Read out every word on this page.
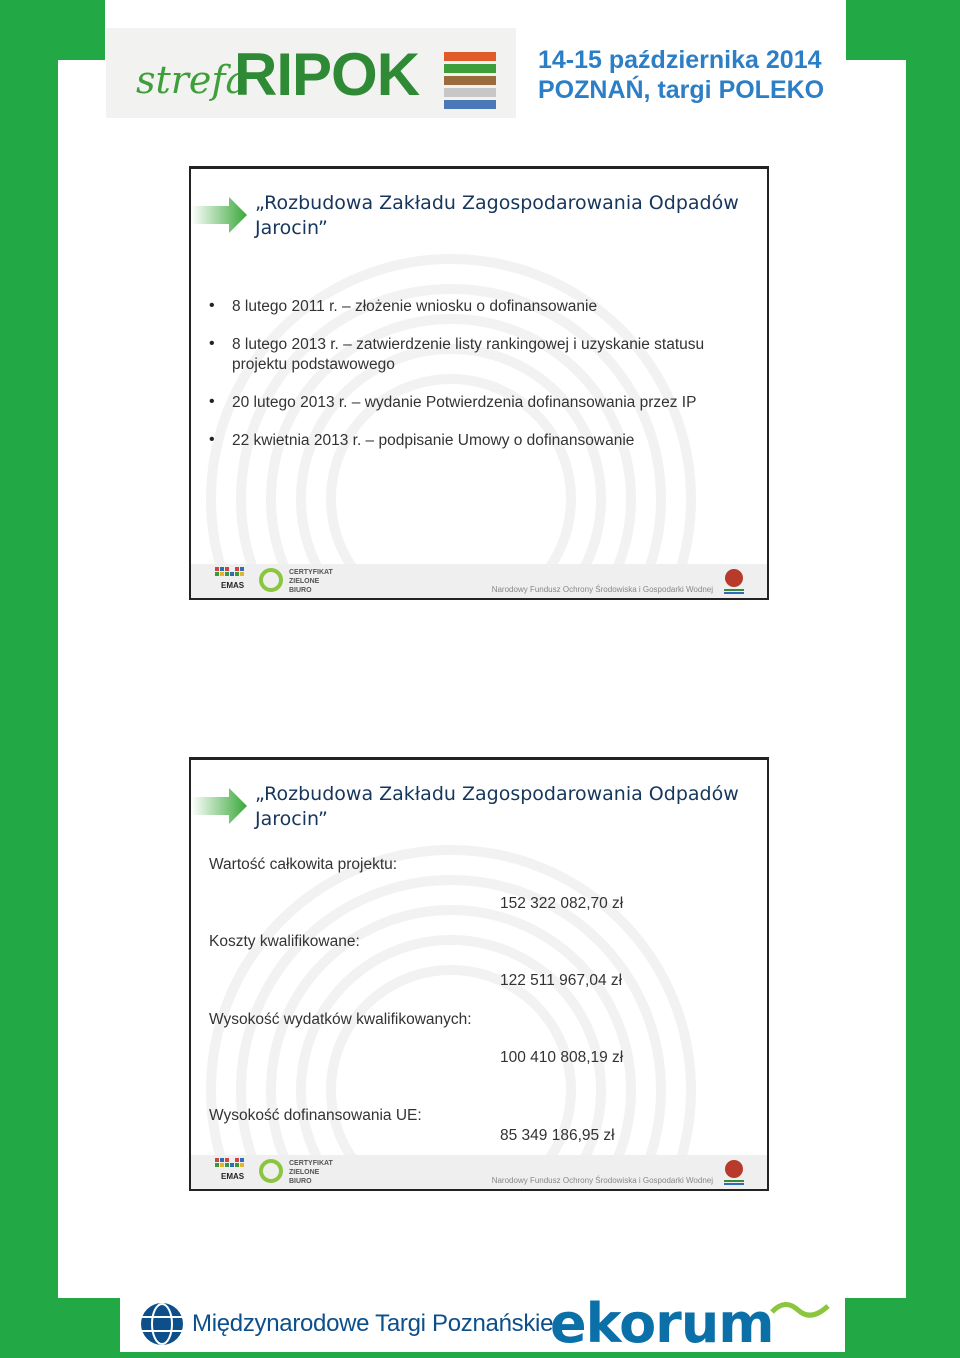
strefa
RIPOK	14-15 października 2014
POZNAŃ, targi POLEKO
„Rozbudowa Zakładu Zagospodarowania Odpadów
Jarocin”
• 8 lutego 2011 r. – złożenie wniosku o dofinansowanie
• 8 lutego 2013 r. – zatwierdzenie listy rankingowej i uzyskanie statusu projektu podstawowego
• 20 lutego 2013 r. – wydanie Potwierdzenia dofinansowania przez IP
• 22 kwietnia 2013 r. – podpisanie Umowy o dofinansowanie
EMAS
CERTYFIKAT
ZIELONE
BIURO	Narodowy Fundusz Ochrony Środowiska i Gospodarki Wodnej
„Rozbudowa Zakładu Zagospodarowania Odpadów
Jarocin”
Wartość całkowita projektu:
152 322 082,70 zł
Koszty kwalifikowane:
122 511 967,04 zł
Wysokość wydatków kwalifikowanych:
100 410 808,19 zł
Wysokość dofinansowania UE:
85 349 186,95 zł
EMAS
CERTYFIKAT
ZIELONE
BIURO	Narodowy Fundusz Ochrony Środowiska i Gospodarki Wodnej
Międzynarodowe Targi Poznańskie
ekorum
